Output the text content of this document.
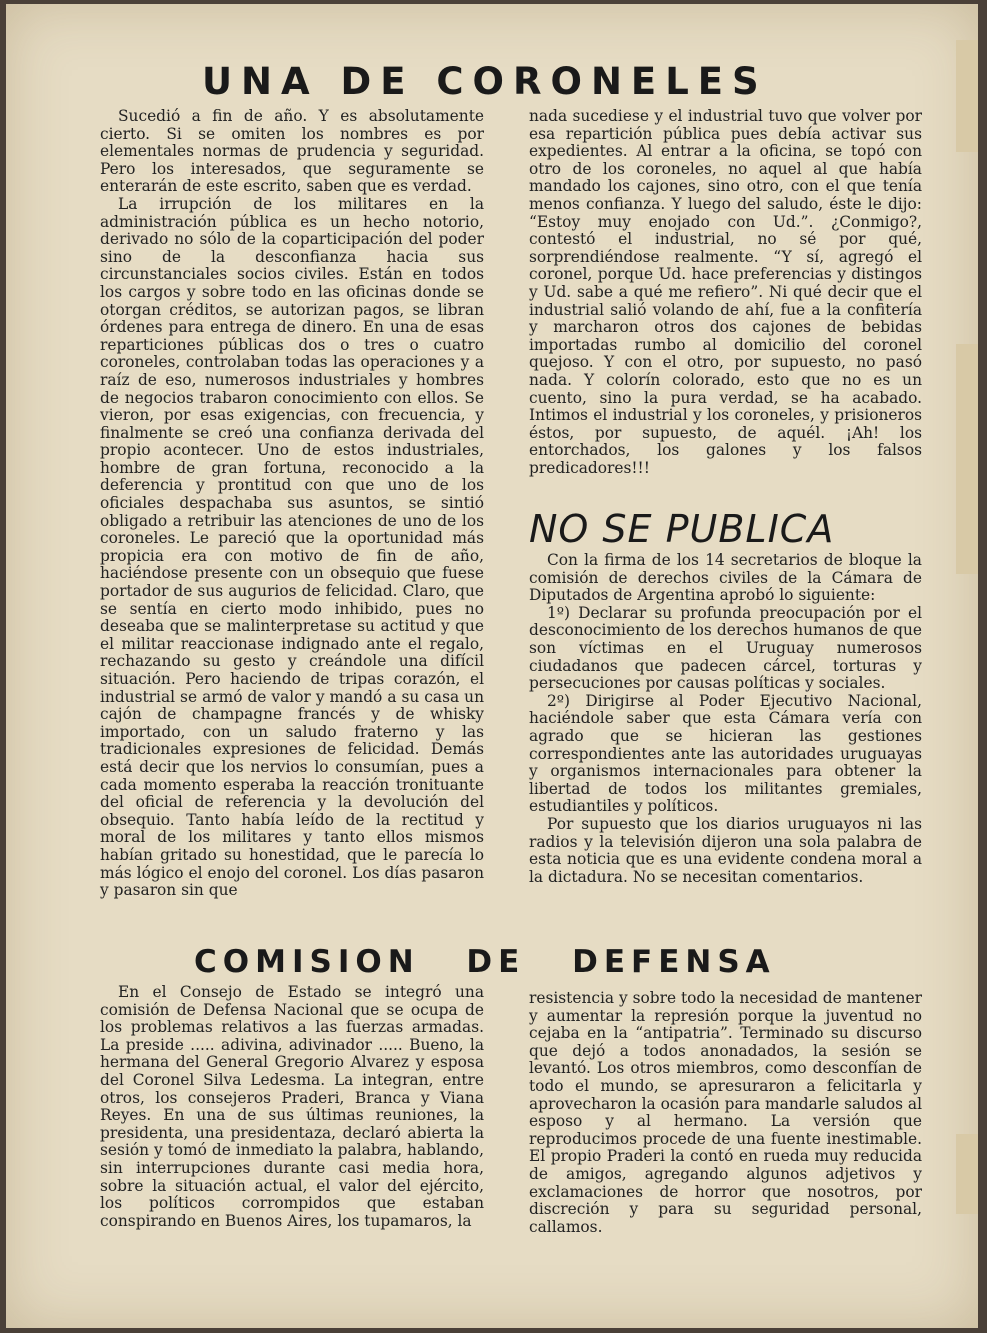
UNA DE CORONELES

Sucedió a fin de año. Y es absolutamente cierto. Si se omiten los nombres es por elementales normas de prudencia y seguridad. Pero los interesados, que seguramente se enterarán de este escrito, saben que es verdad.

La irrupción de los militares en la administración pública es un hecho notorio, derivado no sólo de la coparticipación del poder sino de la desconfianza hacia sus circunstanciales socios civiles. Están en todos los cargos y sobre todo en las oficinas donde se otorgan créditos, se autorizan pagos, se libran órdenes para entrega de dinero. En una de esas reparticiones públicas dos o tres o cuatro coroneles, controlaban todas las operaciones y a raíz de eso, numerosos industriales y hombres de negocios trabaron conocimiento con ellos. Se vieron, por esas exigencias, con frecuencia, y finalmente se creó una confianza derivada del propio acontecer. Uno de estos industriales, hombre de gran fortuna, reconocido a la deferencia y prontitud con que uno de los oficiales despachaba sus asuntos, se sintió obligado a retribuir las atenciones de uno de los coroneles. Le pareció que la oportunidad más propicia era con motivo de fin de año, haciéndose presente con un obsequio que fuese portador de sus augurios de felicidad. Claro, que se sentía en cierto modo inhibido, pues no deseaba que se malinterpretase su actitud y que el militar reaccionase indignado ante el regalo, rechazando su gesto y creándole una difícil situación. Pero haciendo de tripas corazón, el industrial se armó de valor y mandó a su casa un cajón de champagne francés y de whisky importado, con un saludo fraterno y las tradicionales expresiones de felicidad. Demás está decir que los nervios lo consumían, pues a cada momento esperaba la reacción tronituante del oficial de referencia y la devolución del obsequio. Tanto había leído de la rectitud y moral de los militares y tanto ellos mismos habían gritado su honestidad, que le parecía lo más lógico el enojo del coronel. Los días pasaron y pasaron sin que

nada sucediese y el industrial tuvo que volver por esa repartición pública pues debía activar sus expedientes. Al entrar a la oficina, se topó con otro de los coroneles, no aquel al que había mandado los cajones, sino otro, con el que tenía menos confianza. Y luego del saludo, éste le dijo: “Estoy muy enojado con Ud.”. ¿Conmigo?, contestó el industrial, no sé por qué, sorprendiéndose realmente. “Y sí, agregó el coronel, porque Ud. hace preferencias y distingos y Ud. sabe a qué me refiero”. Ni qué decir que el industrial salió volando de ahí, fue a la confitería y marcharon otros dos cajones de bebidas importadas rumbo al domicilio del coronel quejoso. Y con el otro, por supuesto, no pasó nada. Y colorín colorado, esto que no es un cuento, sino la pura verdad, se ha acabado. Intimos el industrial y los coroneles, y prisioneros éstos, por supuesto, de aquél. ¡Ah! los entorchados, los galones y los falsos predicadores!!!

NO SE PUBLICA

Con la firma de los 14 secretarios de bloque la comisión de derechos civiles de la Cámara de Diputados de Argentina aprobó lo siguiente:

1º) Declarar su profunda preocupación por el desconocimiento de los derechos humanos de que son víctimas en el Uruguay numerosos ciudadanos que padecen cárcel, torturas y persecuciones por causas políticas y sociales.

2º) Dirigirse al Poder Ejecutivo Nacional, haciéndole saber que esta Cámara vería con agrado que se hicieran las gestiones correspondientes ante las autoridades uruguayas y organismos internacionales para obtener la libertad de todos los militantes gremiales, estudiantiles y políticos.

Por supuesto que los diarios uruguayos ni las radios y la televisión dijeron una sola palabra de esta noticia que es una evidente condena moral a la dictadura. No se necesitan comentarios.

COMISION DE DEFENSA

En el Consejo de Estado se integró una comisión de Defensa Nacional que se ocupa de los problemas relativos a las fuerzas armadas. La preside ..... adivina, adivinador ..... Bueno, la hermana del General Gregorio Alvarez y esposa del Coronel Silva Ledesma. La integran, entre otros, los consejeros Praderi, Branca y Viana Reyes. En una de sus últimas reuniones, la presidenta, una presidentaza, declaró abierta la sesión y tomó de inmediato la palabra, hablando, sin interrupciones durante casi media hora, sobre la situación actual, el valor del ejército, los políticos corrompidos que estaban conspirando en Buenos Aires, los tupamaros, la

resistencia y sobre todo la necesidad de mantener y aumentar la represión porque la juventud no cejaba en la “antipatria”. Terminado su discurso que dejó a todos anonadados, la sesión se levantó. Los otros miembros, como desconfían de todo el mundo, se apresuraron a felicitarla y aprovecharon la ocasión para mandarle saludos al esposo y al hermano. La versión que reproducimos procede de una fuente inestimable. El propio Praderi la contó en rueda muy reducida de amigos, agregando algunos adjetivos y exclamaciones de horror que nosotros, por discreción y para su seguridad personal, callamos.
